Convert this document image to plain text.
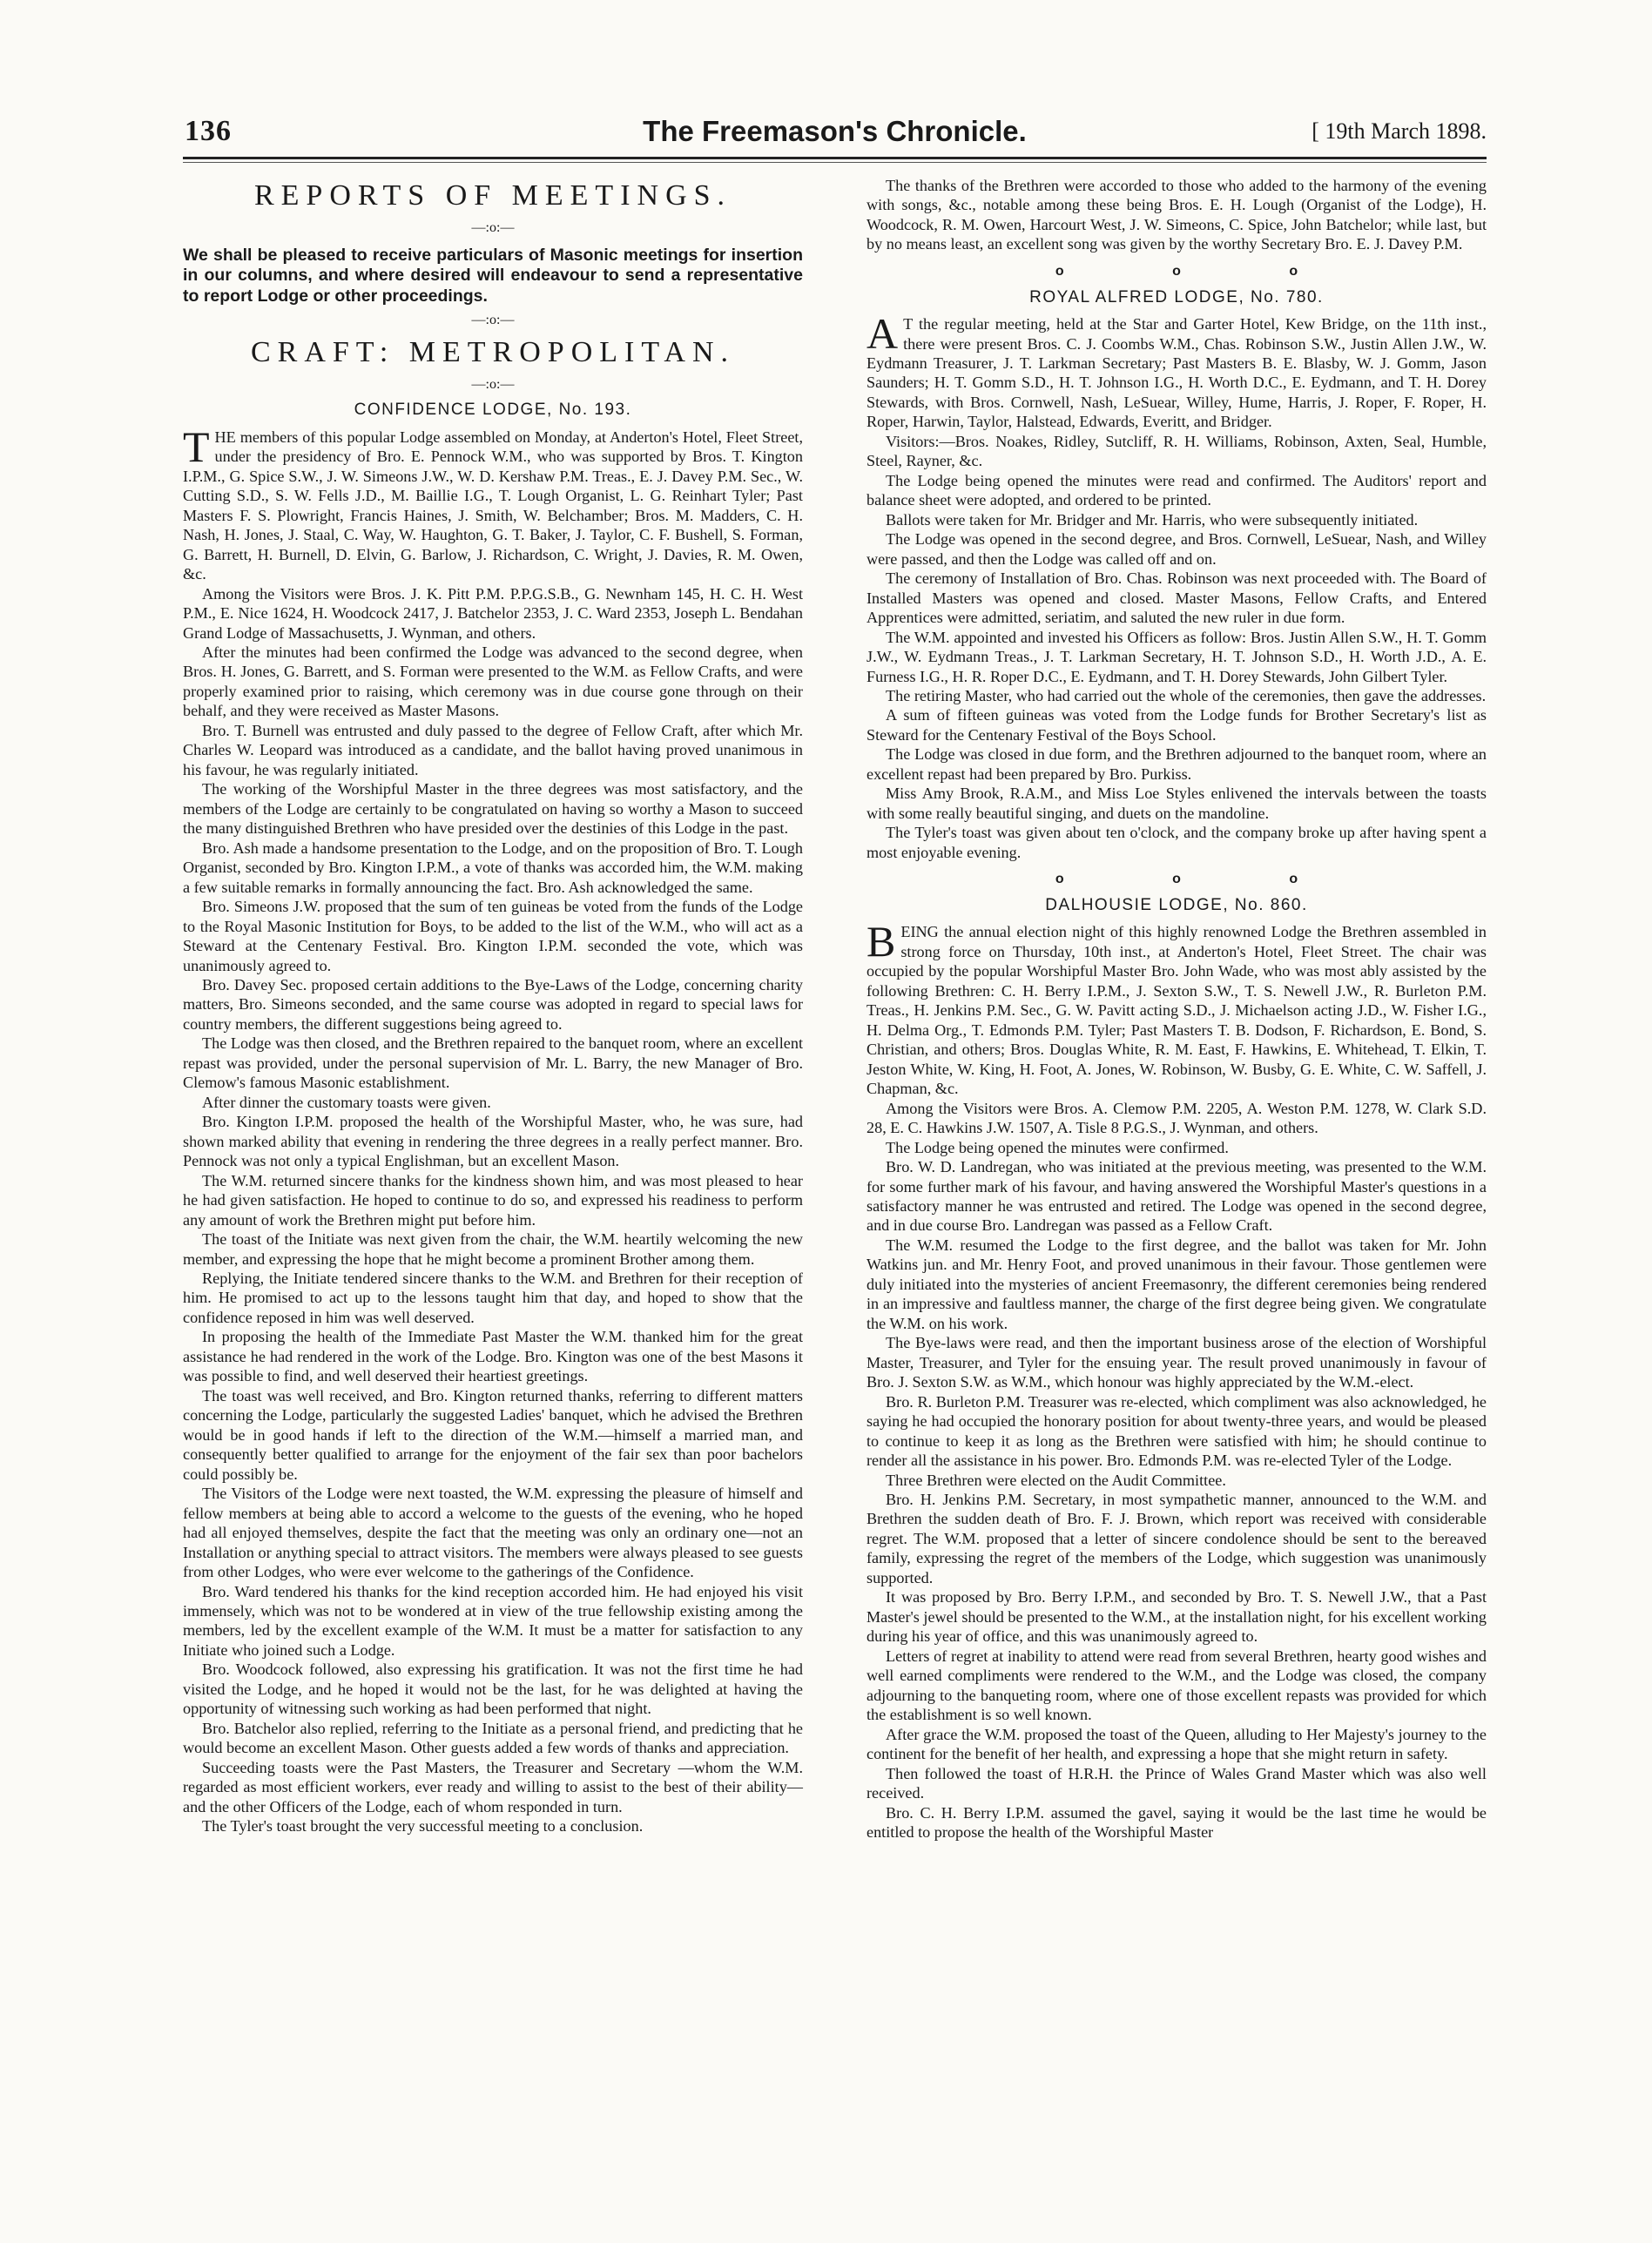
136	The Freemason's Chronicle.	[ 19th March 1898.
REPORTS OF MEETINGS.
—:o:—
We shall be pleased to receive particulars of Masonic meetings for insertion in our columns, and where desired will endeavour to send a representative to report Lodge or other proceedings.
—:o:—
CRAFT: METROPOLITAN.
—:o:—
CONFIDENCE LODGE, No. 193.

THE members of this popular Lodge assembled on Monday, at Anderton's Hotel, Fleet Street, under the presidency of Bro. E. Pennock W.M., who was supported by Bros. T. Kington I.P.M., G. Spice S.W., J. W. Simeons J.W., W. D. Kershaw P.M. Treas., E. J. Davey P.M. Sec., W. Cutting S.D., S. W. Fells J.D., M. Baillie I.G., T. Lough Organist, L. G. Reinhart Tyler; Past Masters F. S. Plowright, Francis Haines, J. Smith, W. Belchamber; Bros. M. Madders, C. H. Nash, H. Jones, J. Staal, C. Way, W. Haughton, G. T. Baker, J. Taylor, C. F. Bushell, S. Forman, G. Barrett, H. Burnell, D. Elvin, G. Barlow, J. Richardson, C. Wright, J. Davies, R. M. Owen, &c.

Among the Visitors were Bros. J. K. Pitt P.M. P.P.G.S.B., G. Newnham 145, H. C. H. West P.M., E. Nice 1624, H. Woodcock 2417, J. Batchelor 2353, J. C. Ward 2353, Joseph L. Bendahan Grand Lodge of Massachusetts, J. Wynman, and others.

After the minutes had been confirmed the Lodge was advanced to the second degree, when Bros. H. Jones, G. Barrett, and S. Forman were presented to the W.M. as Fellow Crafts, and were properly examined prior to raising, which ceremony was in due course gone through on their behalf, and they were received as Master Masons.

Bro. T. Burnell was entrusted and duly passed to the degree of Fellow Craft, after which Mr. Charles W. Leopard was introduced as a candidate, and the ballot having proved unanimous in his favour, he was regularly initiated.

The working of the Worshipful Master in the three degrees was most satisfactory, and the members of the Lodge are certainly to be congratulated on having so worthy a Mason to succeed the many distinguished Brethren who have presided over the destinies of this Lodge in the past.

Bro. Ash made a handsome presentation to the Lodge, and on the proposition of Bro. T. Lough Organist, seconded by Bro. Kington I.P.M., a vote of thanks was accorded him, the W.M. making a few suitable remarks in formally announcing the fact. Bro. Ash acknowledged the same.

Bro. Simeons J.W. proposed that the sum of ten guineas be voted from the funds of the Lodge to the Royal Masonic Institution for Boys, to be added to the list of the W.M., who will act as a Steward at the Centenary Festival. Bro. Kington I.P.M. seconded the vote, which was unanimously agreed to.

Bro. Davey Sec. proposed certain additions to the Bye-Laws of the Lodge, concerning charity matters, Bro. Simeons seconded, and the same course was adopted in regard to special laws for country members, the different suggestions being agreed to.

The Lodge was then closed, and the Brethren repaired to the banquet room, where an excellent repast was provided, under the personal supervision of Mr. L. Barry, the new Manager of Bro. Clemow's famous Masonic establishment.

After dinner the customary toasts were given.

Bro. Kington I.P.M. proposed the health of the Worshipful Master, who, he was sure, had shown marked ability that evening in rendering the three degrees in a really perfect manner. Bro. Pennock was not only a typical Englishman, but an excellent Mason.

The W.M. returned sincere thanks for the kindness shown him, and was most pleased to hear he had given satisfaction. He hoped to continue to do so, and expressed his readiness to perform any amount of work the Brethren might put before him.

The toast of the Initiate was next given from the chair, the W.M. heartily welcoming the new member, and expressing the hope that he might become a prominent Brother among them.

Replying, the Initiate tendered sincere thanks to the W.M. and Brethren for their reception of him. He promised to act up to the lessons taught him that day, and hoped to show that the confidence reposed in him was well deserved.

In proposing the health of the Immediate Past Master the W.M. thanked him for the great assistance he had rendered in the work of the Lodge. Bro. Kington was one of the best Masons it was possible to find, and well deserved their heartiest greetings.

The toast was well received, and Bro. Kington returned thanks, referring to different matters concerning the Lodge, particularly the suggested Ladies' banquet, which he advised the Brethren would be in good hands if left to the direction of the W.M.—himself a married man, and consequently better qualified to arrange for the enjoyment of the fair sex than poor bachelors could possibly be.

The Visitors of the Lodge were next toasted, the W.M. expressing the pleasure of himself and fellow members at being able to accord a welcome to the guests of the evening, who he hoped had all enjoyed themselves, despite the fact that the meeting was only an ordinary one—not an Installation or anything special to attract visitors. The members were always pleased to see guests from other Lodges, who were ever welcome to the gatherings of the Confidence.

Bro. Ward tendered his thanks for the kind reception accorded him. He had enjoyed his visit immensely, which was not to be wondered at in view of the true fellowship existing among the members, led by the excellent example of the W.M. It must be a matter for satisfaction to any Initiate who joined such a Lodge.

Bro. Woodcock followed, also expressing his gratification. It was not the first time he had visited the Lodge, and he hoped it would not be the last, for he was delighted at having the opportunity of witnessing such working as had been performed that night.

Bro. Batchelor also replied, referring to the Initiate as a personal friend, and predicting that he would become an excellent Mason. Other guests added a few words of thanks and appreciation.

Succeeding toasts were the Past Masters, the Treasurer and Secretary —whom the W.M. regarded as most efficient workers, ever ready and willing to assist to the best of their ability—and the other Officers of the Lodge, each of whom responded in turn.

The Tyler's toast brought the very successful meeting to a conclusion.

The thanks of the Brethren were accorded to those who added to the harmony of the evening with songs, &c., notable among these being Bros. E. H. Lough (Organist of the Lodge), H. Woodcock, R. M. Owen, Harcourt West, J. W. Simeons, C. Spice, John Batchelor; while last, but by no means least, an excellent song was given by the worthy Secretary Bro. E. J. Davey P.M.

o o o
ROYAL ALFRED LODGE, No. 780.

A T the regular meeting, held at the Star and Garter Hotel, Kew Bridge, on the 11th inst., there were present Bros. C. J. Coombs W.M., Chas. Robinson S.W., Justin Allen J.W., W. Eydmann Treasurer, J. T. Larkman Secretary; Past Masters B. E. Blasby, W. J. Gomm, Jason Saunders; H. T. Gomm S.D., H. T. Johnson I.G., H. Worth D.C., E. Eydmann, and T. H. Dorey Stewards, with Bros. Cornwell, Nash, LeSuear, Willey, Hume, Harris, J. Roper, F. Roper, H. Roper, Harwin, Taylor, Halstead, Edwards, Everitt, and Bridger.

Visitors:—Bros. Noakes, Ridley, Sutcliff, R. H. Williams, Robinson, Axten, Seal, Humble, Steel, Rayner, &c.

The Lodge being opened the minutes were read and confirmed. The Auditors' report and balance sheet were adopted, and ordered to be printed.

Ballots were taken for Mr. Bridger and Mr. Harris, who were subsequently initiated.

The Lodge was opened in the second degree, and Bros. Cornwell, LeSuear, Nash, and Willey were passed, and then the Lodge was called off and on.

The ceremony of Installation of Bro. Chas. Robinson was next proceeded with. The Board of Installed Masters was opened and closed. Master Masons, Fellow Crafts, and Entered Apprentices were admitted, seriatim, and saluted the new ruler in due form.

The W.M. appointed and invested his Officers as follow: Bros. Justin Allen S.W., H. T. Gomm J.W., W. Eydmann Treas., J. T. Larkman Secretary, H. T. Johnson S.D., H. Worth J.D., A. E. Furness I.G., H. R. Roper D.C., E. Eydmann, and T. H. Dorey Stewards, John Gilbert Tyler.

The retiring Master, who had carried out the whole of the ceremonies, then gave the addresses.

A sum of fifteen guineas was voted from the Lodge funds for Brother Secretary's list as Steward for the Centenary Festival of the Boys School.

The Lodge was closed in due form, and the Brethren adjourned to the banquet room, where an excellent repast had been prepared by Bro. Purkiss.

Miss Amy Brook, R.A.M., and Miss Loe Styles enlivened the intervals between the toasts with some really beautiful singing, and duets on the mandoline.

The Tyler's toast was given about ten o'clock, and the company broke up after having spent a most enjoyable evening.

o o o
DALHOUSIE LODGE, No. 860.

BEING the annual election night of this highly renowned Lodge the Brethren assembled in strong force on Thursday, 10th inst., at Anderton's Hotel, Fleet Street. The chair was occupied by the popular Worshipful Master Bro. John Wade, who was most ably assisted by the following Brethren: C. H. Berry I.P.M., J. Sexton S.W., T. S. Newell J.W., R. Burleton P.M. Treas., H. Jenkins P.M. Sec., G. W. Pavitt acting S.D., J. Michaelson acting J.D., W. Fisher I.G., H. Delma Org., T. Edmonds P.M. Tyler; Past Masters T. B. Dodson, F. Richardson, E. Bond, S. Christian, and others; Bros. Douglas White, R. M. East, F. Hawkins, E. Whitehead, T. Elkin, T. Jeston White, W. King, H. Foot, A. Jones, W. Robinson, W. Busby, G. E. White, C. W. Saffell, J. Chapman, &c.

Among the Visitors were Bros. A. Clemow P.M. 2205, A. Weston P.M. 1278, W. Clark S.D. 28, E. C. Hawkins J.W. 1507, A. Tisle 8 P.G.S., J. Wynman, and others.

The Lodge being opened the minutes were confirmed.

Bro. W. D. Landregan, who was initiated at the previous meeting, was presented to the W.M. for some further mark of his favour, and having answered the Worshipful Master's questions in a satisfactory manner he was entrusted and retired. The Lodge was opened in the second degree, and in due course Bro. Landregan was passed as a Fellow Craft.

The W.M. resumed the Lodge to the first degree, and the ballot was taken for Mr. John Watkins jun. and Mr. Henry Foot, and proved unanimous in their favour. Those gentlemen were duly initiated into the mysteries of ancient Freemasonry, the different ceremonies being rendered in an impressive and faultless manner, the charge of the first degree being given. We congratulate the W.M. on his work.

The Bye-laws were read, and then the important business arose of the election of Worshipful Master, Treasurer, and Tyler for the ensuing year. The result proved unanimously in favour of Bro. J. Sexton S.W. as W.M., which honour was highly appreciated by the W.M.-elect.

Bro. R. Burleton P.M. Treasurer was re-elected, which compliment was also acknowledged, he saying he had occupied the honorary position for about twenty-three years, and would be pleased to continue to keep it as long as the Brethren were satisfied with him; he should continue to render all the assistance in his power. Bro. Edmonds P.M. was re-elected Tyler of the Lodge.

Three Brethren were elected on the Audit Committee.

Bro. H. Jenkins P.M. Secretary, in most sympathetic manner, announced to the W.M. and Brethren the sudden death of Bro. F. J. Brown, which report was received with considerable regret. The W.M. proposed that a letter of sincere condolence should be sent to the bereaved family, expressing the regret of the members of the Lodge, which suggestion was unanimously supported.

It was proposed by Bro. Berry I.P.M., and seconded by Bro. T. S. Newell J.W., that a Past Master's jewel should be presented to the W.M., at the installation night, for his excellent working during his year of office, and this was unanimously agreed to.

Letters of regret at inability to attend were read from several Brethren, hearty good wishes and well earned compliments were rendered to the W.M., and the Lodge was closed, the company adjourning to the banqueting room, where one of those excellent repasts was provided for which the establishment is so well known.

After grace the W.M. proposed the toast of the Queen, alluding to Her Majesty's journey to the continent for the benefit of her health, and expressing a hope that she might return in safety.

Then followed the toast of H.R.H. the Prince of Wales Grand Master which was also well received.

Bro. C. H. Berry I.P.M. assumed the gavel, saying it would be the last time he would be entitled to propose the health of the Worshipful Master
